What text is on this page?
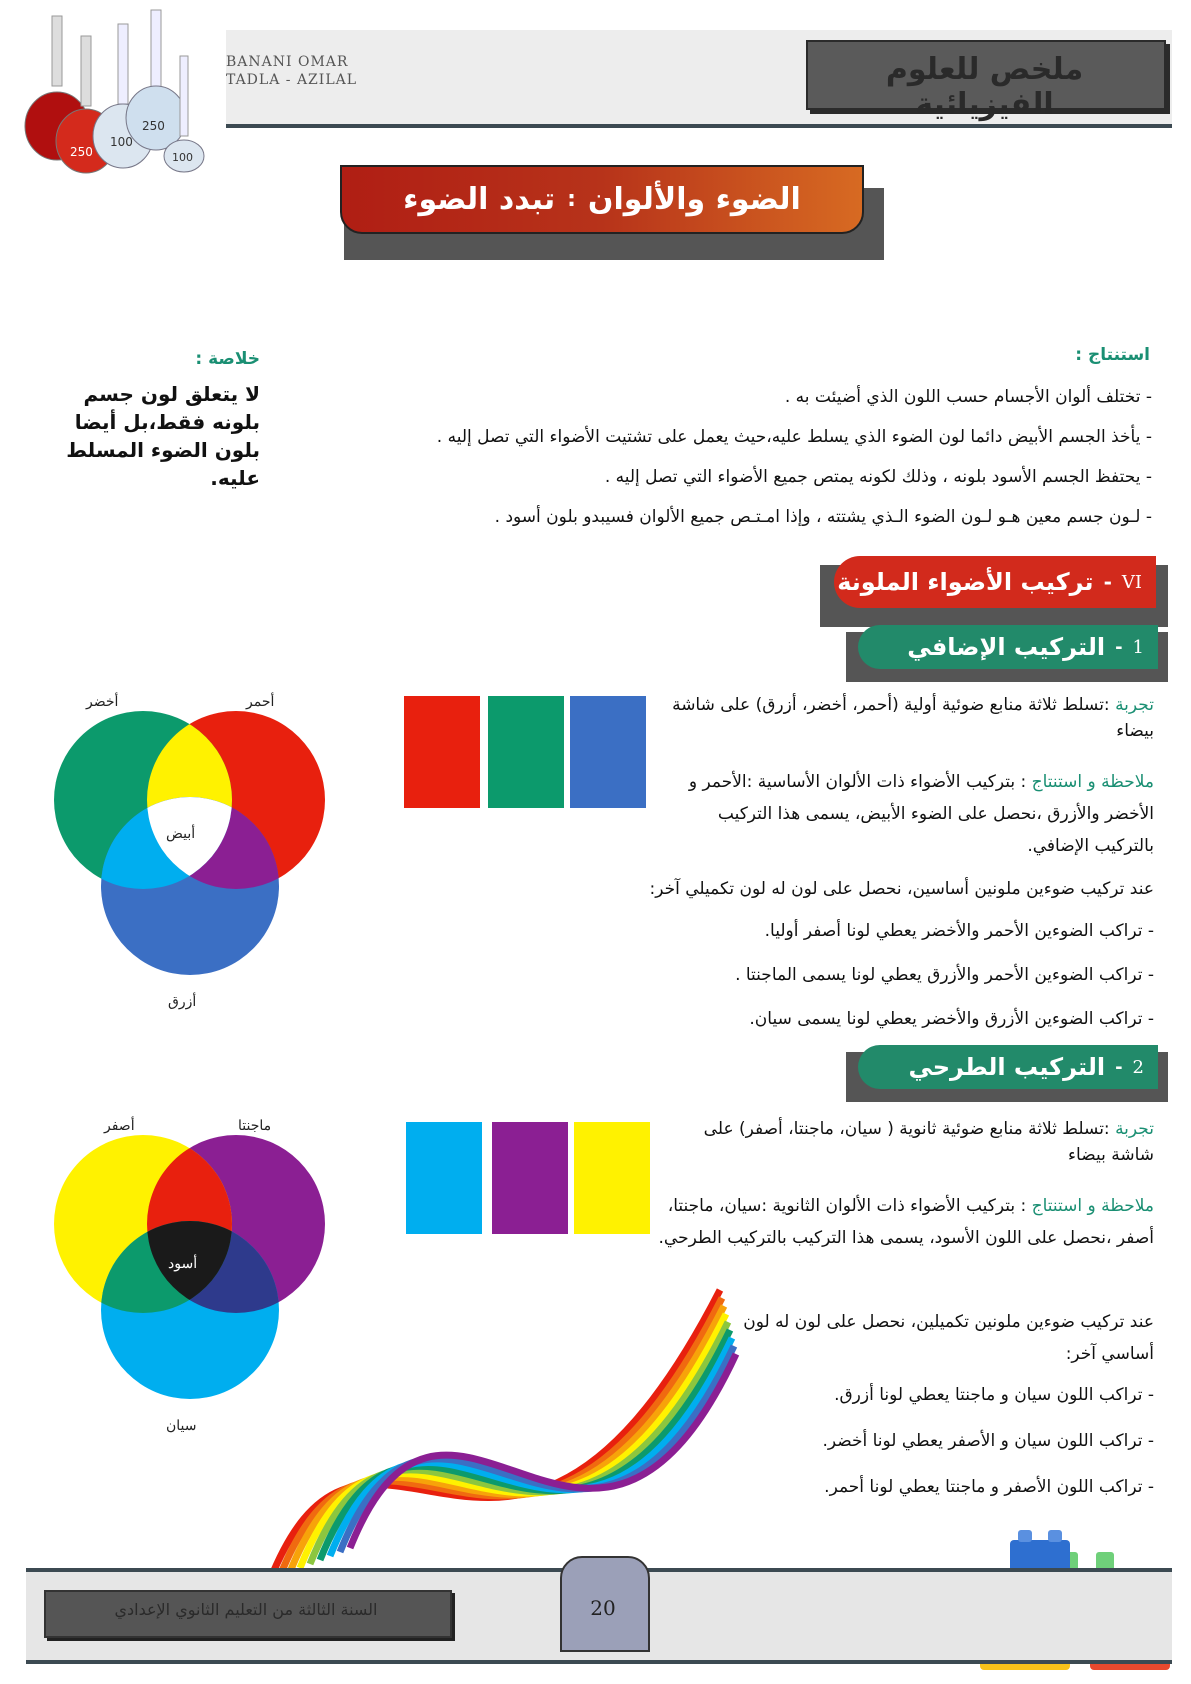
ملخص للعلوم الفيزيائية
BANANI OMAR
TADLA - AZILAL
250
100
250
100
الضوء والألوان
:
تبدد الضوء
استنتاج :
- تختلف ألوان الأجسام حسب اللون الذي أضيئت به .
- يأخذ الجسم الأبيض دائما لون الضوء الذي يسلط عليه،حيث يعمل على تشتيت الأضواء التي تصل إليه .
- يحتفظ الجسم الأسود بلونه ، وذلك لكونه يمتص جميع الأضواء التي تصل إليه .
- لـون جسم معين هـو لـون الضوء الـذي يشتته ، وإذا امـتـص جميع الألوان فسيبدو بلون أسود .
خلاصة :
لا يتعلق لون جسم بلونه فقط،بل أيضا بلون الضوء المسلط عليه.
VI
-
تركيب الأضواء الملونة
1
-
التركيب الإضافي
تجربة :تسلط ثلاثة منابع ضوئية أولية (أحمر، أخضر، أزرق) على شاشة بيضاء
ملاحظة و استنتاج : بتركيب الأضواء ذات الألوان الأساسية :الأحمر و الأخضر والأزرق ،نحصل على الضوء الأبيض، يسمى هذا التركيب بالتركيب الإضافي.
عند تركيب ضوءين ملونين أساسين، نحصل على لون له لون تكميلي آخر:
- تراكب الضوءين الأحمر والأخضر يعطي لونا أصفر أوليا.
- تراكب الضوءين الأحمر والأزرق يعطي لونا يسمى الماجنتا .
- تراكب الضوءين الأزرق والأخضر يعطي لونا يسمى سيان.
أخضر	أحمر
أبيض
أزرق
2
-
التركيب الطرحي
تجربة :تسلط ثلاثة منابع ضوئية ثانوية ( سيان، ماجنتا، أصفر) على شاشة بيضاء
ملاحظة و استنتاج : بتركيب الأضواء ذات الألوان الثانوية :سيان، ماجنتا، أصفر ،نحصل على اللون الأسود، يسمى هذا التركيب بالتركيب الطرحي.
عند تركيب ضوءين ملونين تكميلين، نحصل على لون له لون أساسي آخر:
- تراكب اللون سيان و ماجنتا يعطي لونا أزرق.
- تراكب اللون سيان و الأصفر يعطي لونا أخضر.
- تراكب اللون الأصفر و ماجنتا يعطي لونا أحمر.
أصفر	ماجنتا
أسود
سيان
السنة الثالثة من التعليم الثانوي الإعدادي	20
